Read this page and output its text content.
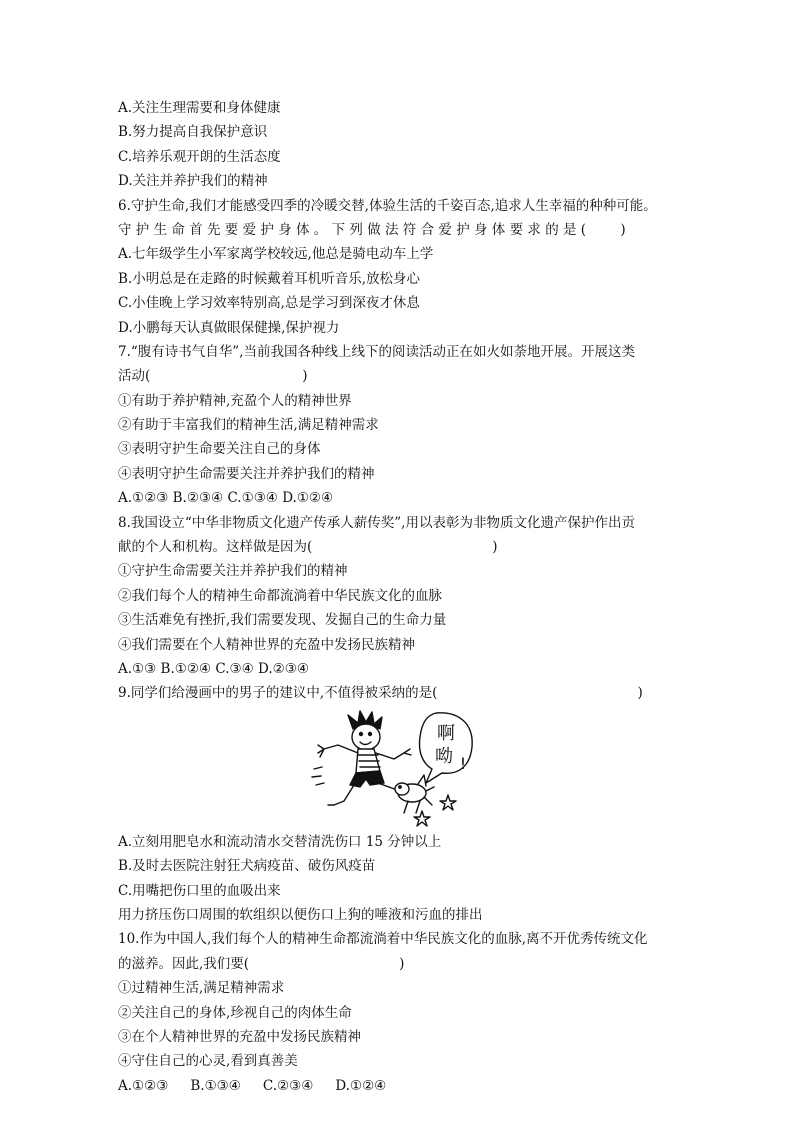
A.关注生理需要和身体健康
B.努力提高自我保护意识
C.培养乐观开朗的生活态度
D.关注并养护我们的精神
6.守护生命,我们才能感受四季的冷暖交替,体验生活的千姿百态,追求人生幸福的种种可能。
守护生命首先要爱护身体。下列做法符合爱护身体要求的是( )
A.七年级学生小军家离学校较远,他总是骑电动车上学
B.小明总是在走路的时候戴着耳机听音乐,放松身心
C.小佳晚上学习效率特别高,总是学习到深夜才休息
D.小鹏每天认真做眼保健操,保护视力
7.“腹有诗书气自华”,当前我国各种线上线下的阅读活动正在如火如荼地开展。开展这类
活动(	)
①有助于养护精神,充盈个人的精神世界
②有助于丰富我们的精神生活,满足精神需求
③表明守护生命要关注自己的身体
④表明守护生命需要关注并养护我们的精神
A.①②③ B.②③④ C.①③④ D.①②④
8.我国设立“中华非物质文化遗产传承人薪传奖”,用以表彰为非物质文化遗产保护作出贡
献的个人和机构。这样做是因为(	)
①守护生命需要关注并养护我们的精神
②我们每个人的精神生命都流淌着中华民族文化的血脉
③生活难免有挫折,我们需要发现、发掘自己的生命力量
④我们需要在个人精神世界的充盈中发扬民族精神
A.①③ B.①②④ C.③④ D.②③④
9.同学们给漫画中的男子的建议中,不值得被采纳的是(	)
啊
呦 !
A.立刻用肥皂水和流动清水交替清洗伤口 15 分钟以上
B.及时去医院注射狂犬病疫苗、破伤风疫苗
C.用嘴把伤口里的血吸出来
用力挤压伤口周围的软组织以便伤口上狗的唾液和污血的排出
10.作为中国人,我们每个人的精神生命都流淌着中华民族文化的血脉,离不开优秀传统文化
的滋养。因此,我们要(	)
①过精神生活,满足精神需求
②关注自己的身体,珍视自己的肉体生命
③在个人精神世界的充盈中发扬民族精神
④守住自己的心灵,看到真善美
A.①②③ B.①③④ C.②③④ D.①②④
